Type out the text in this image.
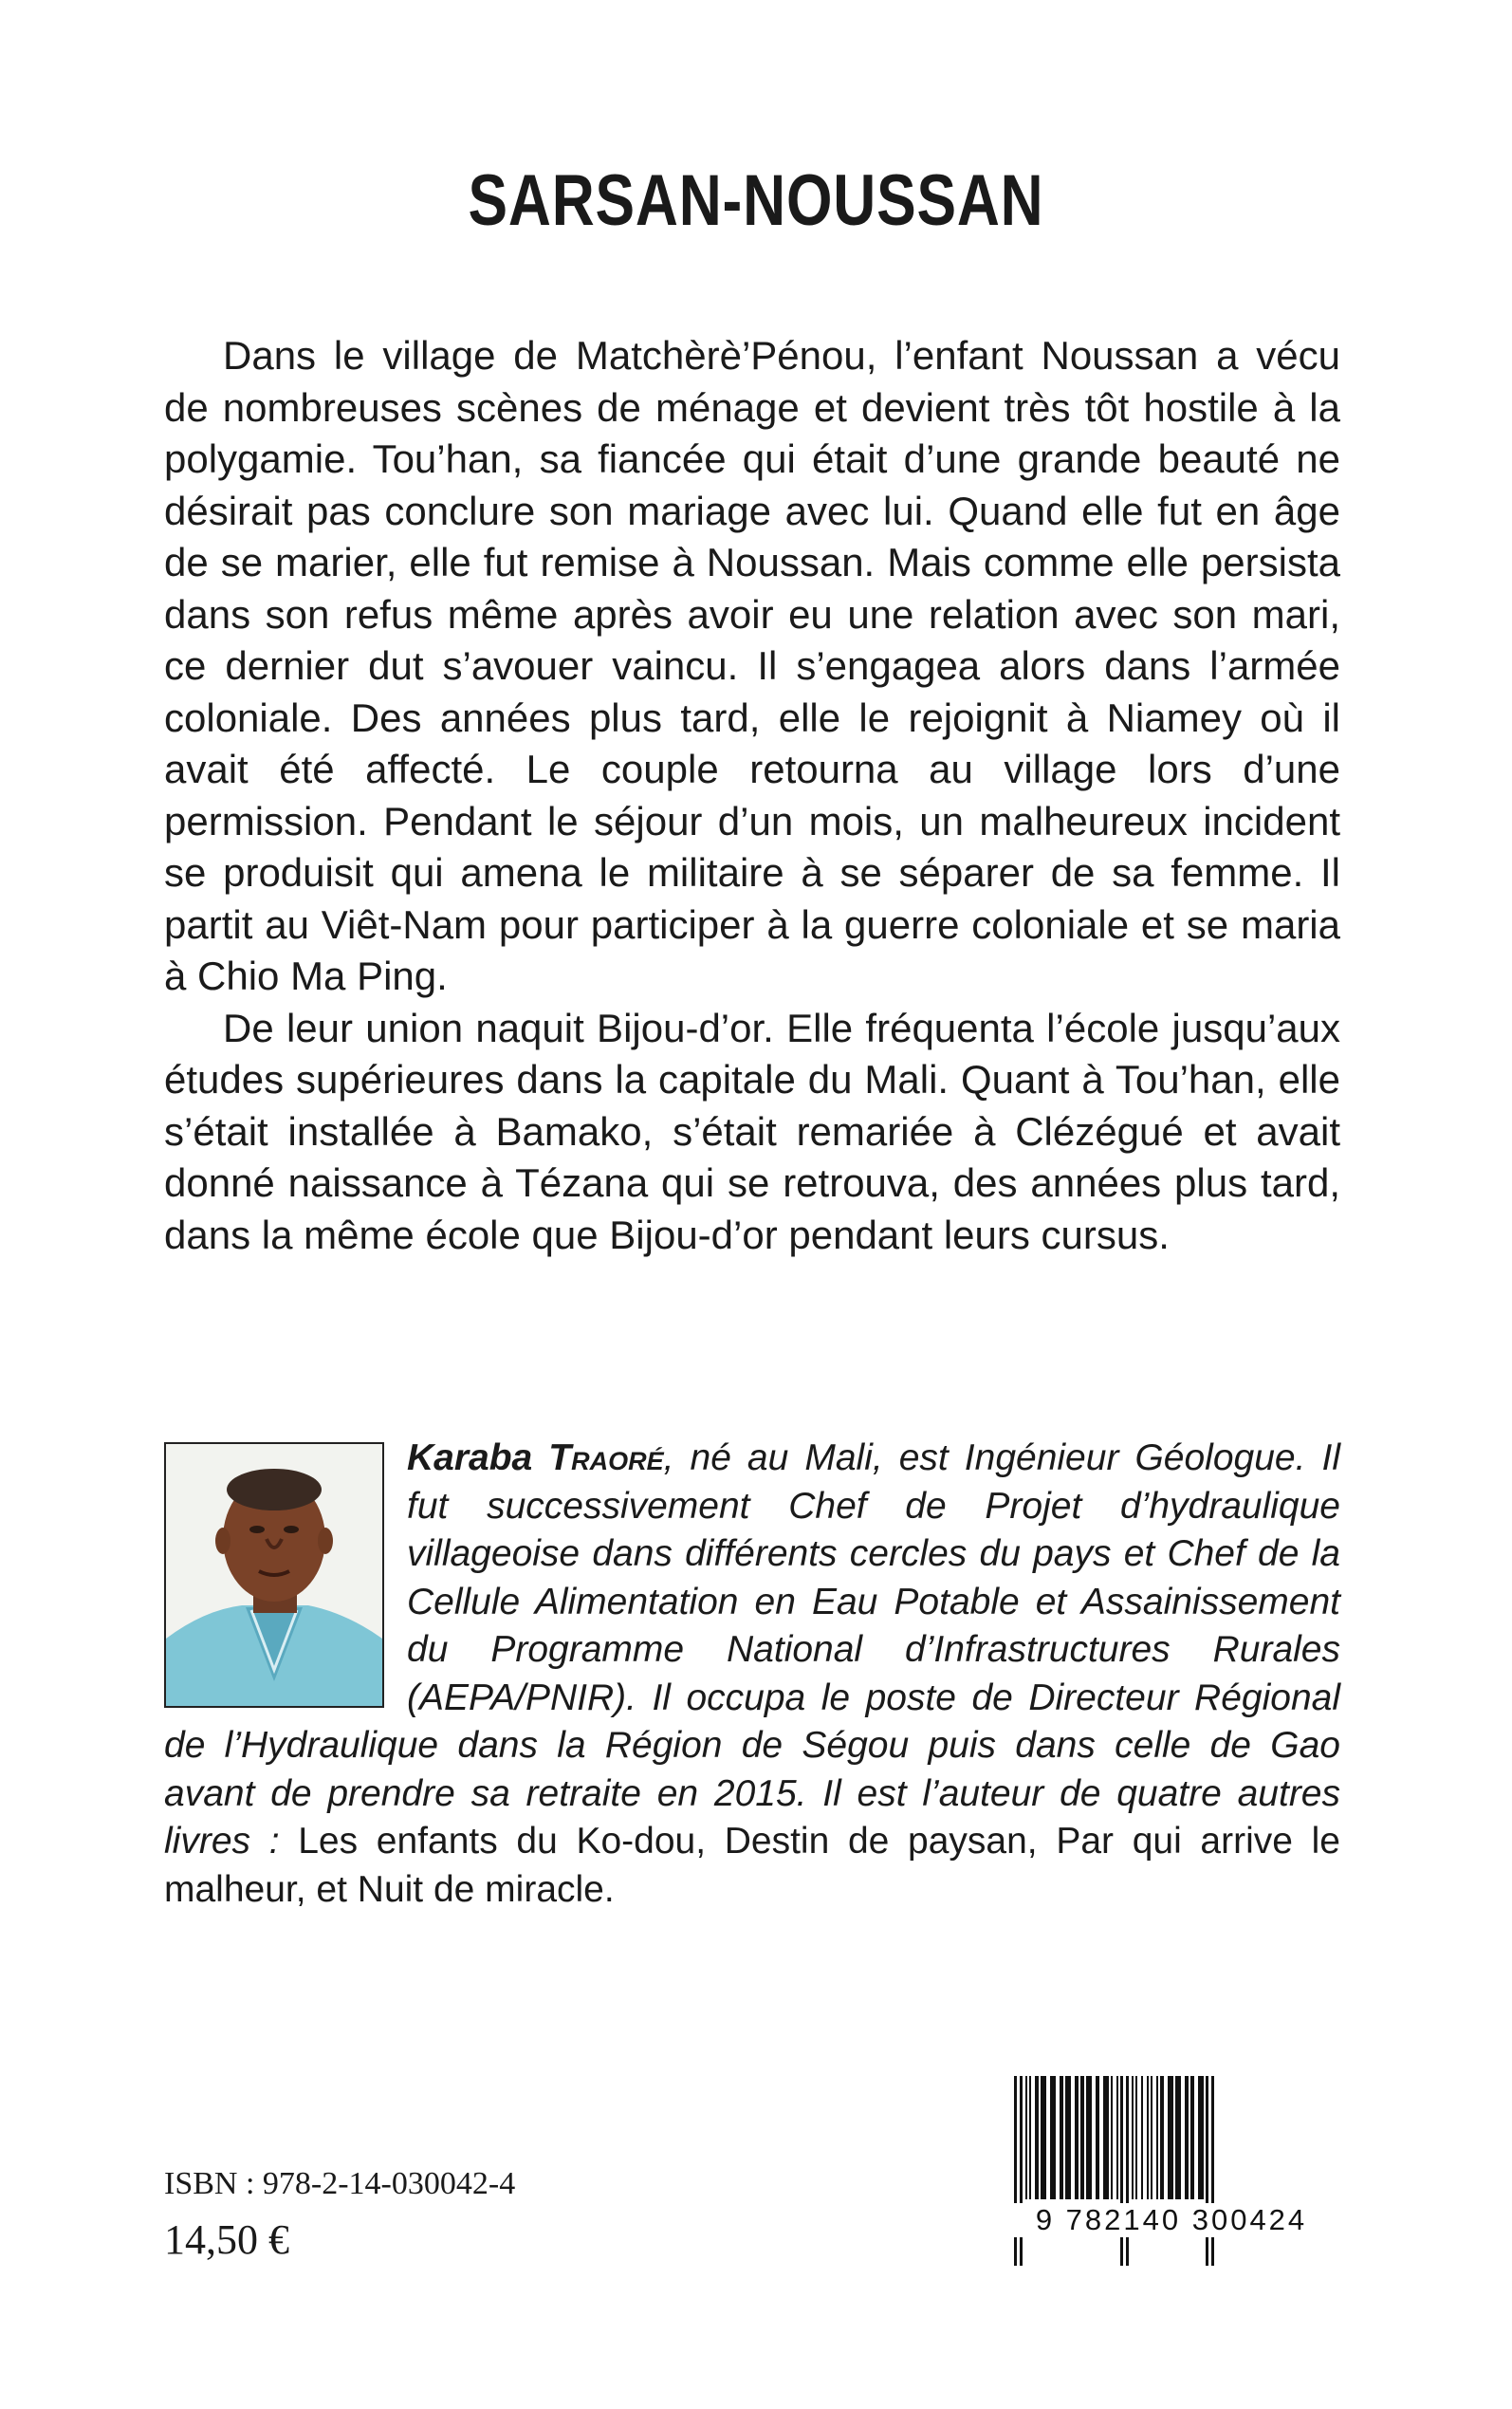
SARSAN-NOUSSAN

Dans le village de Matchèrè’Pénou, l’enfant Noussan a vécu de nombreuses scènes de ménage et devient très tôt hostile à la polygamie. Tou’han, sa fiancée qui était d’une grande beauté ne désirait pas conclure son mariage avec lui. Quand elle fut en âge de se marier, elle fut remise à Noussan. Mais comme elle persista dans son refus même après avoir eu une relation avec son mari, ce dernier dut s’avouer vaincu. Il s’engagea alors dans l’armée coloniale. Des années plus tard, elle le rejoignit à Niamey où il avait été affecté. Le couple retourna au village lors d’une permission. Pendant le séjour d’un mois, un malheureux incident se produisit qui amena le militaire à se séparer de sa femme. Il partit au Viêt-Nam pour participer à la guerre coloniale et se maria à Chio Ma Ping.

De leur union naquit Bijou-d’or. Elle fréquenta l’école jusqu’aux études supérieures dans la capitale du Mali. Quant à Tou’han, elle s’était installée à Bamako, s’était remariée à Clézégué et avait donné naissance à Tézana qui se retrouva, des années plus tard, dans la même école que Bijou-d’or pendant leurs cursus.

Karaba Traoré, né au Mali, est Ingénieur Géologue. Il fut successivement Chef de Projet d’hydraulique villageoise dans différents cercles du pays et Chef de la Cellule Alimentation en Eau Potable et Assainissement du Programme National d’Infrastructures Rurales (AEPA/PNIR). Il occupa le poste de Directeur Régional de l’Hydraulique dans la Région de Ségou puis dans celle de Gao avant de prendre sa retraite en 2015. Il est l’auteur de quatre autres livres : Les enfants du Ko-dou, Destin de paysan, Par qui arrive le malheur, et Nuit de miracle.
ISBN : 978-2-14-030042-4
14,50 €	9 782140 300424
